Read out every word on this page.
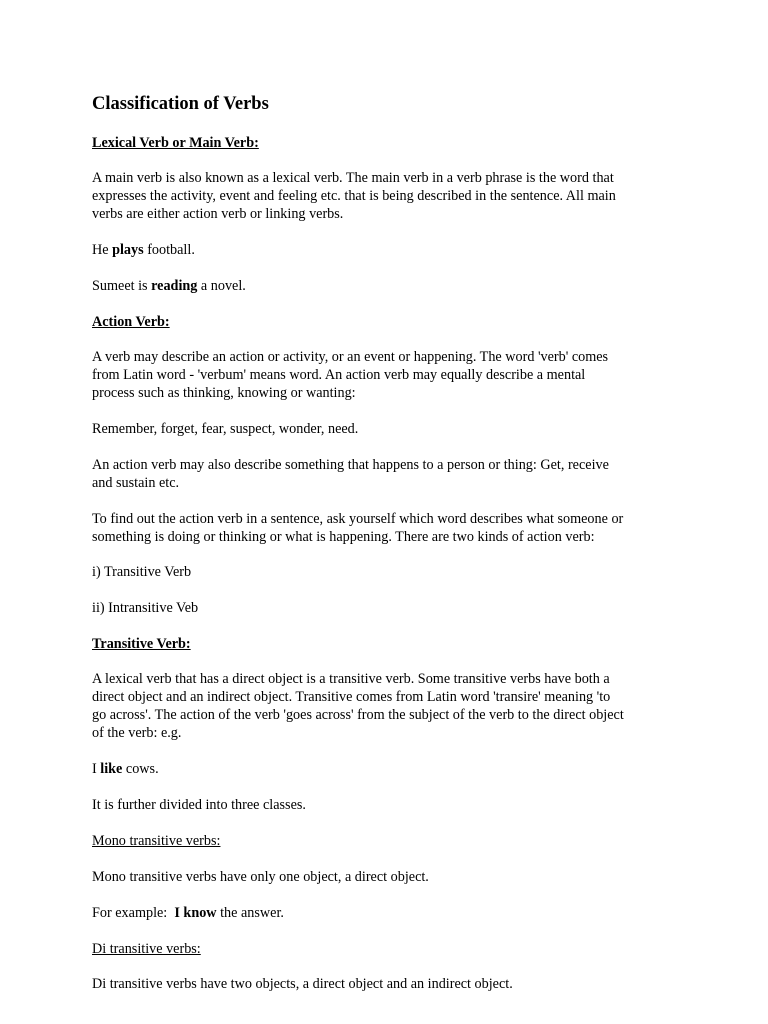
Classification of Verbs
Lexical Verb or Main Verb:
A main verb is also known as a lexical verb. The main verb in a verb phrase is the word that
expresses the activity, event and feeling etc. that is being described in the sentence. All main
verbs are either action verb or linking verbs.
He plays football.
Sumeet is reading a novel.
Action Verb:
A verb may describe an action or activity, or an event or happening. The word 'verb' comes
from Latin word - 'verbum' means word. An action verb may equally describe a mental
process such as thinking, knowing or wanting:
Remember, forget, fear, suspect, wonder, need.
An action verb may also describe something that happens to a person or thing: Get, receive
and sustain etc.
To find out the action verb in a sentence, ask yourself which word describes what someone or
something is doing or thinking or what is happening. There are two kinds of action verb:
i) Transitive Verb
ii) Intransitive Veb
Transitive Verb:
A lexical verb that has a direct object is a transitive verb. Some transitive verbs have both a
direct object and an indirect object. Transitive comes from Latin word 'transire' meaning 'to
go across'. The action of the verb 'goes across' from the subject of the verb to the direct object
of the verb: e.g.
I like cows.
It is further divided into three classes.
Mono transitive verbs:
Mono transitive verbs have only one object, a direct object.
For example:  I know the answer.
Di transitive verbs:
Di transitive verbs have two objects, a direct object and an indirect object.
